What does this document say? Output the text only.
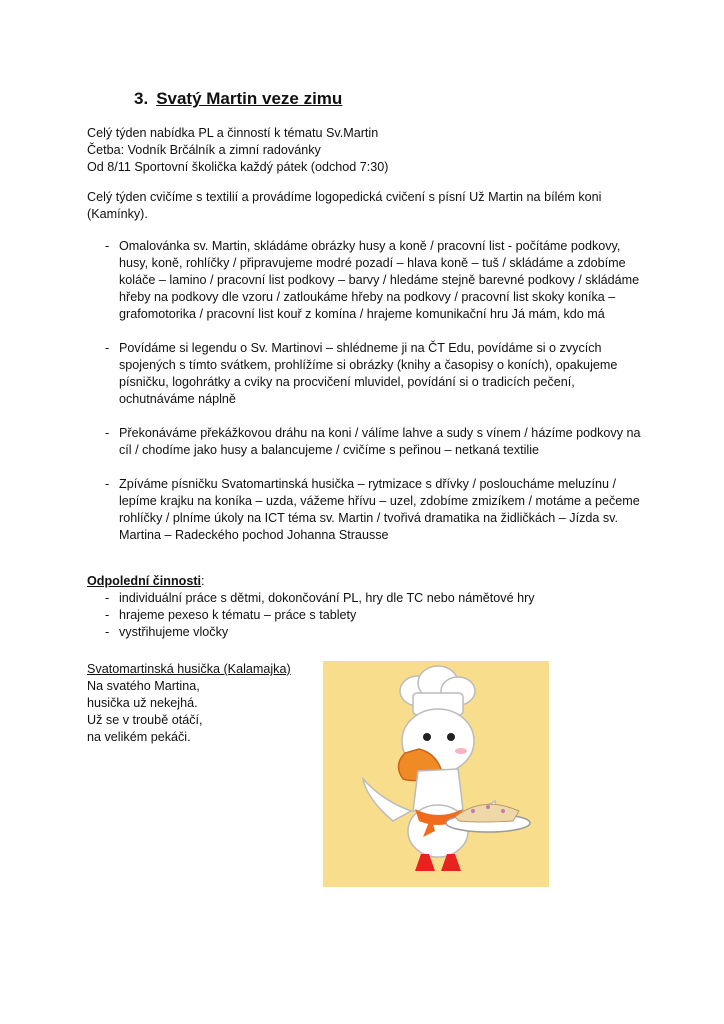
3. Svatý Martin veze zimu
Celý týden nabídka PL a činností k tématu Sv.Martin
Četba: Vodník Brčálník a zimní radovánky
Od 8/11 Sportovní školička každý pátek (odchod 7:30)
Celý týden cvičíme s textilií a provádíme logopedická cvičení s písní Už Martin na bílém koni (Kamínky).
- Omalovánka sv. Martin, skládáme obrázky husy a koně / pracovní list - počítáme podkovy, husy, koně, rohlíčky / připravujeme modré pozadí – hlava koně – tuš / skládáme a zdobíme koláče – lamino / pracovní list podkovy – barvy / hledáme stejně barevné podkovy / skládáme hřeby na podkovy dle vzoru / zatloukáme hřeby na podkovy / pracovní list skoky koníka – grafomotorika / pracovní list kouř z komína / hrajeme komunikační hru Já mám, kdo má
- Povídáme si legendu o Sv. Martinovi – shlédneme ji na ČT Edu, povídáme si o zvycích spojených s tímto svátkem, prohlížíme si obrázky (knihy a časopisy o koních), opakujeme písničku, logohrátky a cviky na procvičení mluvidel, povídání si o tradicích pečení, ochutnáváme náplně
- Překonáváme překážkovou dráhu na koni / válíme lahve a sudy s vínem / házíme podkovy na cíl / chodíme jako husy a balancujeme / cvičíme s peřinou – netkaná textilie
- Zpíváme písničku Svatomartinská husička – rytmizace s dřívky / posloucháme meluzínu / lepíme krajku na koníka – uzda, vážeme hřívu – uzel, zdobíme zmizíkem / motáme a pečeme rohlíčky / plníme úkoly na ICT téma sv. Martin / tvořivá dramatika na židličkách – Jízda sv. Martina – Radeckého pochod Johanna Strausse
Odpolední činnosti:
- individuální práce s dětmi, dokončování PL, hry dle TC nebo námětové hry
- hrajeme pexeso k tématu – práce s tablety
- vystřihujeme vločky
Svatomartinská husička (Kalamajka)
Na svatého Martina,
husička už nekejhá.
Už se v troubě otáčí,
na velikém pekáči.
